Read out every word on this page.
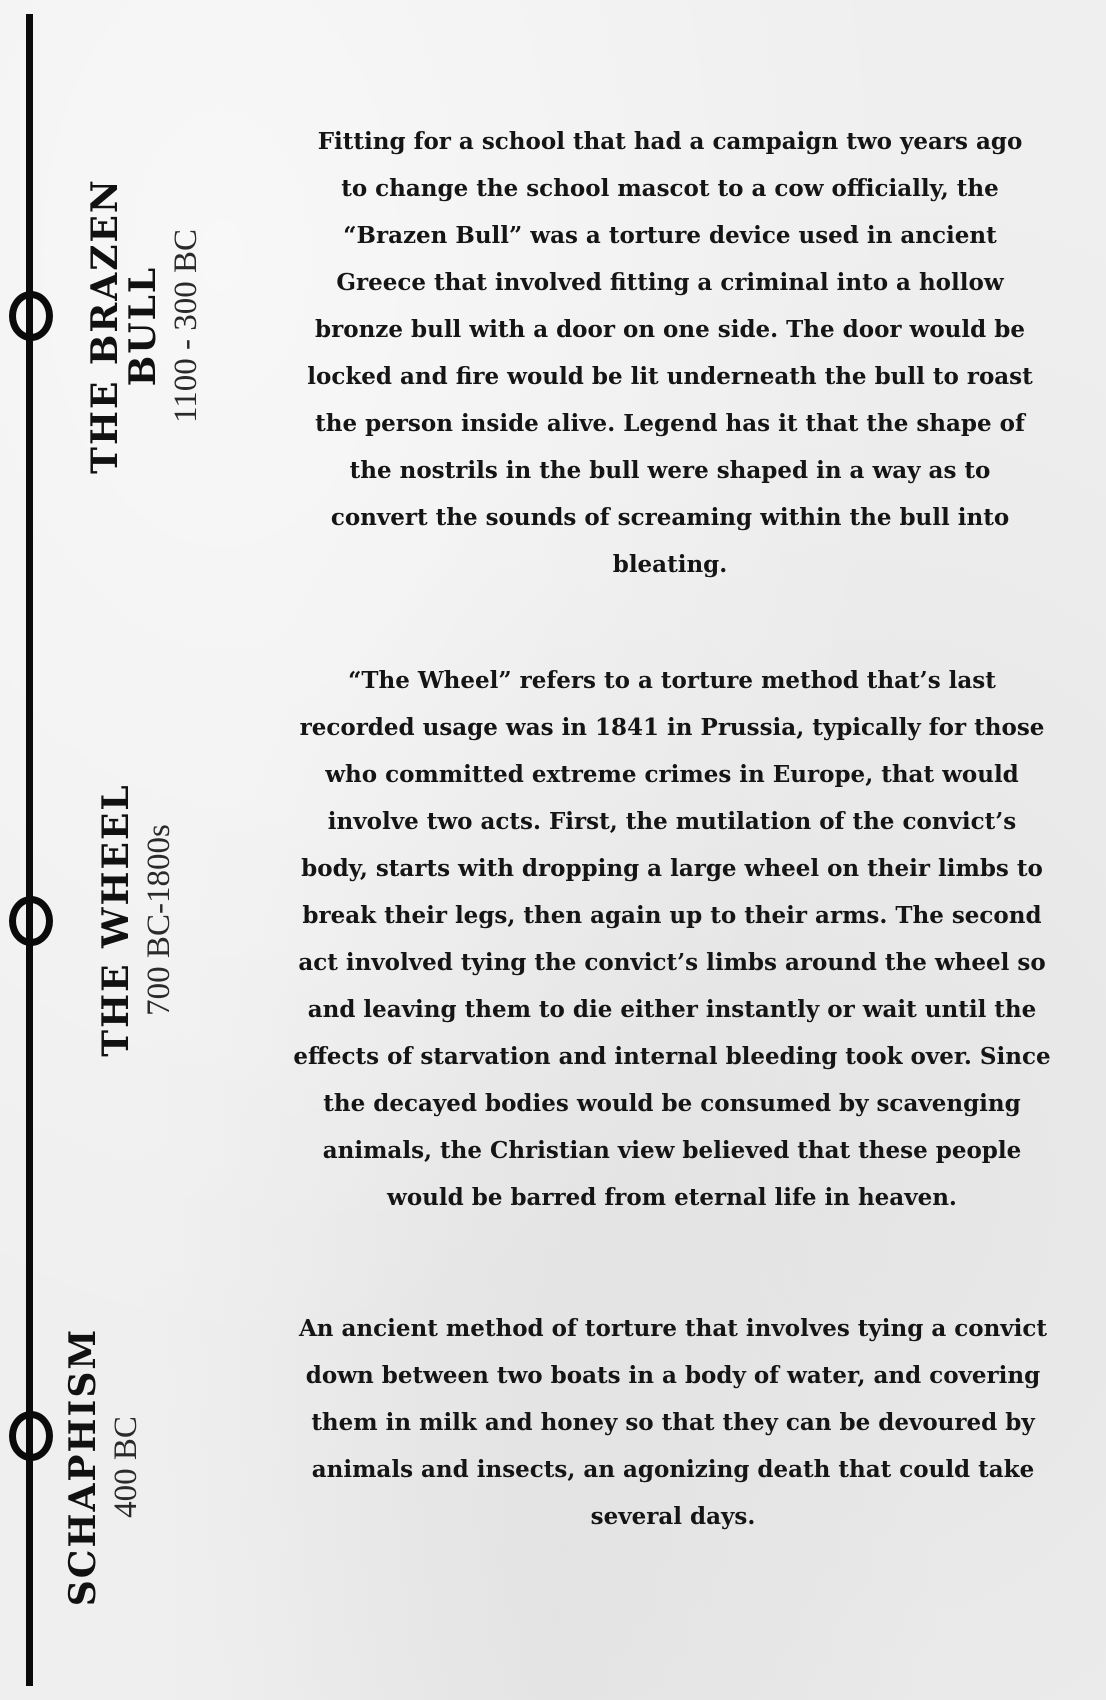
THE BRAZEN
BULL 1100 - 300 BC

Fitting for a school that had a campaign two years ago to change the school mascot to a cow officially, the “Brazen Bull” was a torture device used in ancient Greece that involved fitting a criminal into a hollow bronze bull with a door on one side. The door would be locked and fire would be lit underneath the bull to roast the person inside alive. Legend has it that the shape of the nostrils in the bull were shaped in a way as to convert the sounds of screaming within the bull into bleating.

THE WHEEL 700 BC-1800s

“The Wheel” refers to a torture method that’s last recorded usage was in 1841 in Prussia, typically for those who committed extreme crimes in Europe, that would involve two acts. First, the mutilation of the convict’s body, starts with dropping a large wheel on their limbs to break their legs, then again up to their arms. The second act involved tying the convict’s limbs around the wheel so and leaving them to die either instantly or wait until the effects of starvation and internal bleeding took over. Since the decayed bodies would be consumed by scavenging animals, the Christian view believed that these people would be barred from eternal life in heaven.

SCHAPHISM 400 BC

An ancient method of torture that involves tying a convict down between two boats in a body of water, and covering them in milk and honey so that they can be devoured by animals and insects, an agonizing death that could take several days.
